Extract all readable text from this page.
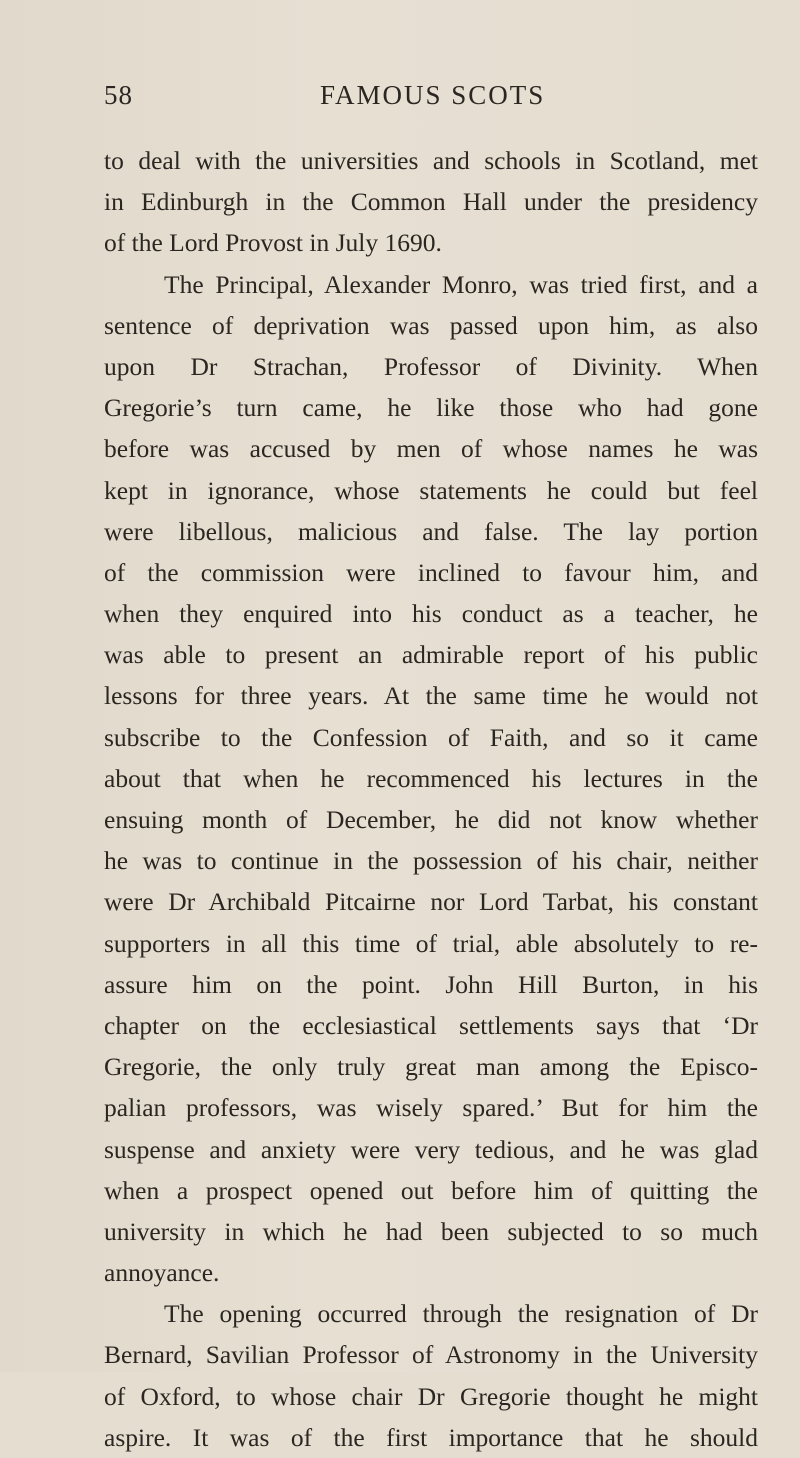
58	FAMOUS SCOTS
to deal with the universities and schools in Scotland, met
in Edinburgh in the Common Hall under the presidency
of the Lord Provost in July 1690.
The Principal, Alexander Monro, was tried first, and a
sentence of deprivation was passed upon him, as also
upon Dr Strachan, Professor of Divinity. When
Gregorie’s turn came, he like those who had gone
before was accused by men of whose names he was
kept in ignorance, whose statements he could but feel
were libellous, malicious and false. The lay portion
of the commission were inclined to favour him, and
when they enquired into his conduct as a teacher, he
was able to present an admirable report of his public
lessons for three years. At the same time he would not
subscribe to the Confession of Faith, and so it came
about that when he recommenced his lectures in the
ensuing month of December, he did not know whether
he was to continue in the possession of his chair, neither
were Dr Archibald Pitcairne nor Lord Tarbat, his constant
supporters in all this time of trial, able absolutely to re-
assure him on the point. John Hill Burton, in his
chapter on the ecclesiastical settlements says that ‘Dr
Gregorie, the only truly great man among the Episco-
palian professors, was wisely spared.’ But for him the
suspense and anxiety were very tedious, and he was glad
when a prospect opened out before him of quitting the
university in which he had been subjected to so much
annoyance.
The opening occurred through the resignation of Dr
Bernard, Savilian Professor of Astronomy in the University
of Oxford, to whose chair Dr Gregorie thought he might
aspire. It was of the first importance that he should
